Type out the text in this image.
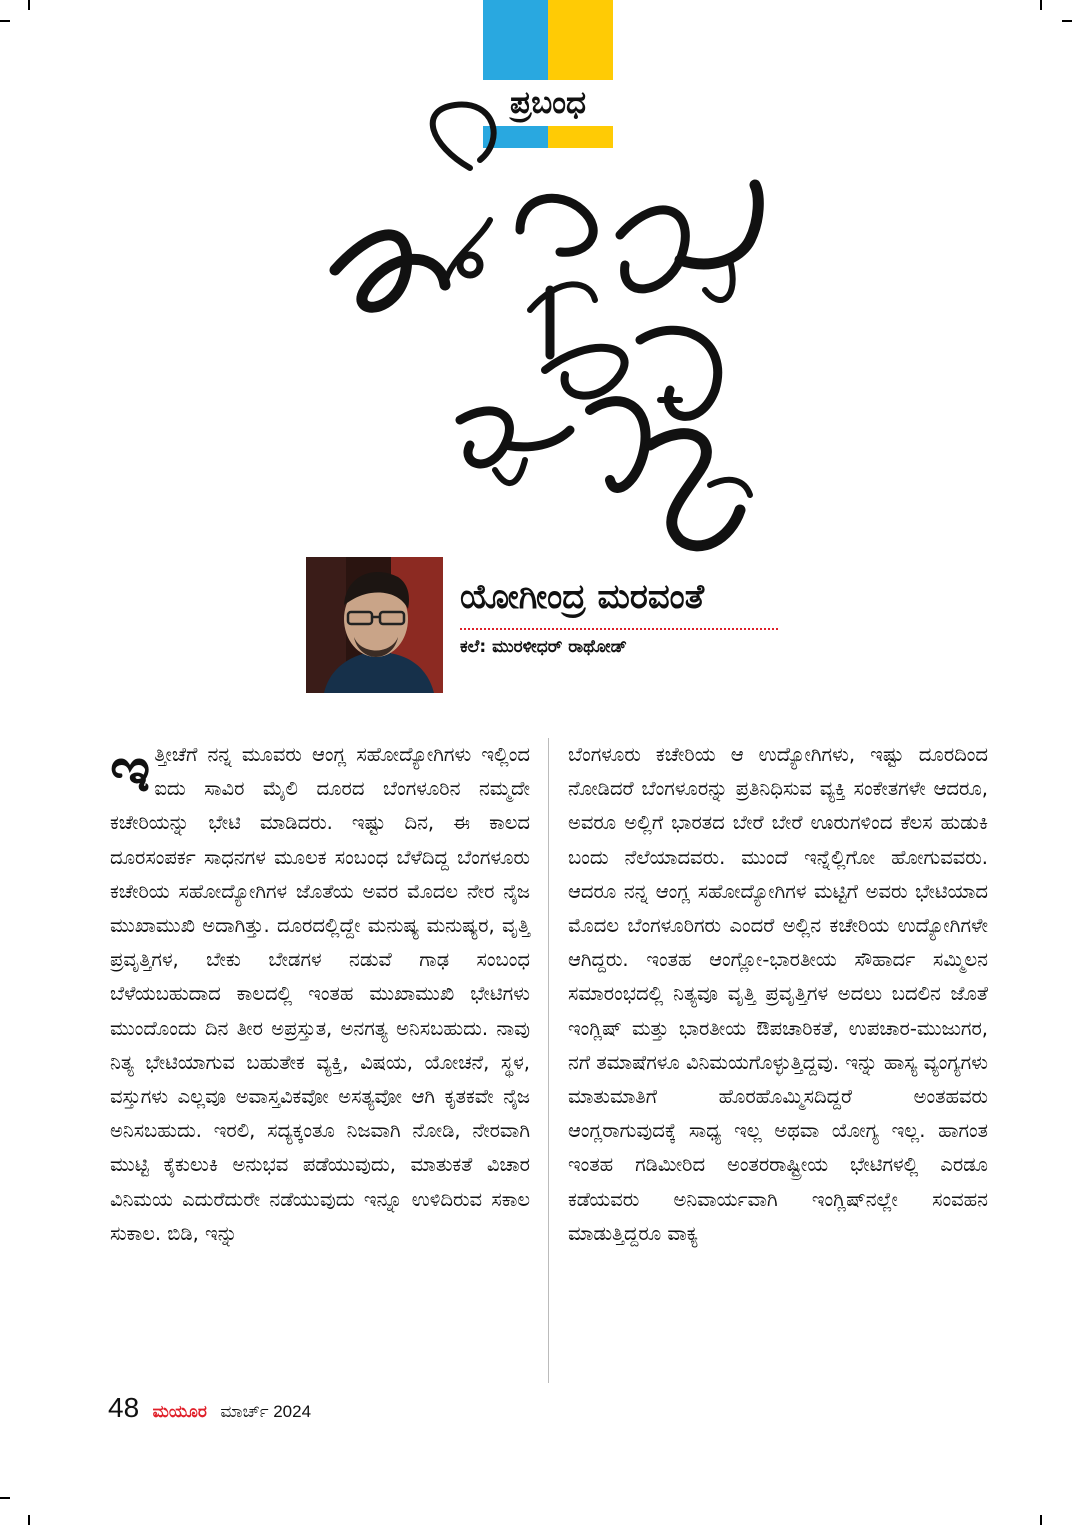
ಪ್ರಬಂಧ
ಯೋಗೀಂದ್ರ ಮರವಂತೆ
ಕಲೆ: ಮುರಳೀಧರ್ ರಾಥೋಡ್
ಇ ತ್ತೀಚೆಗೆ ನನ್ನ ಮೂವರು ಆಂಗ್ಲ ಸಹೋದ್ಯೋಗಿಗಳು ಇಲ್ಲಿಂದ ಐದು ಸಾವಿರ ಮೈಲಿ ದೂರದ ಬೆಂಗಳೂರಿನ ನಮ್ಮದೇ ಕಚೇರಿಯನ್ನು ಭೇಟಿ ಮಾಡಿದರು. ಇಷ್ಟು ದಿನ, ಈ ಕಾಲದ ದೂರಸಂಪರ್ಕ ಸಾಧನಗಳ ಮೂಲಕ ಸಂಬಂಧ ಬೆಳೆದಿದ್ದ ಬೆಂಗಳೂರು ಕಚೇರಿಯ ಸಹೋದ್ಯೋಗಿಗಳ ಜೊತೆಯ ಅವರ ಮೊದಲ ನೇರ ನೈಜ ಮುಖಾಮುಖಿ ಅದಾಗಿತ್ತು. ದೂರದಲ್ಲಿದ್ದೇ ಮನುಷ್ಯ ಮನುಷ್ಯರ, ವೃತ್ತಿ ಪ್ರವೃತ್ತಿಗಳ, ಬೇಕು ಬೇಡಗಳ ನಡುವೆ ಗಾಢ ಸಂಬಂಧ ಬೆಳೆಯಬಹುದಾದ ಕಾಲದಲ್ಲಿ ಇಂತಹ ಮುಖಾಮುಖಿ ಭೇಟಿಗಳು ಮುಂದೊಂದು ದಿನ ತೀರ ಅಪ್ರಸ್ತುತ, ಅನಗತ್ಯ ಅನಿಸಬಹುದು. ನಾವು ನಿತ್ಯ ಭೇಟಿಯಾಗುವ ಬಹುತೇಕ ವ್ಯಕ್ತಿ, ವಿಷಯ, ಯೋಚನೆ, ಸ್ಥಳ, ವಸ್ತುಗಳು ಎಲ್ಲವೂ ಅವಾಸ್ತವಿಕವೋ ಅಸತ್ಯವೋ ಆಗಿ ಕೃತಕವೇ ನೈಜ ಅನಿಸಬಹುದು. ಇರಲಿ, ಸದ್ಯಕ್ಕಂತೂ ನಿಜವಾಗಿ ನೋಡಿ, ನೇರವಾಗಿ ಮುಟ್ಟಿ ಕೈಕುಲುಕಿ ಅನುಭವ ಪಡೆಯುವುದು, ಮಾತುಕತೆ ವಿಚಾರ ವಿನಿಮಯ ಎದುರೆದುರೇ ನಡೆಯುವುದು ಇನ್ನೂ ಉಳಿದಿರುವ ಸಕಾಲ ಸುಕಾಲ. ಬಿಡಿ, ಇನ್ನು
ಬೆಂಗಳೂರು ಕಚೇರಿಯ ಆ ಉದ್ಯೋಗಿಗಳು, ಇಷ್ಟು ದೂರದಿಂದ ನೋಡಿದರೆ ಬೆಂಗಳೂರನ್ನು ಪ್ರತಿನಿಧಿಸುವ ವ್ಯಕ್ತಿ ಸಂಕೇತಗಳೇ ಆದರೂ, ಅವರೂ ಅಲ್ಲಿಗೆ ಭಾರತದ ಬೇರೆ ಬೇರೆ ಊರುಗಳಿಂದ ಕೆಲಸ ಹುಡುಕಿ ಬಂದು ನೆಲೆಯಾದವರು. ಮುಂದೆ ಇನ್ನೆಲ್ಲಿಗೋ ಹೋಗುವವರು. ಆದರೂ ನನ್ನ ಆಂಗ್ಲ ಸಹೋದ್ಯೋಗಿಗಳ ಮಟ್ಟಿಗೆ ಅವರು ಭೇಟಿಯಾದ ಮೊದಲ ಬೆಂಗಳೂರಿಗರು ಎಂದರೆ ಅಲ್ಲಿನ ಕಚೇರಿಯ ಉದ್ಯೋಗಿಗಳೇ ಆಗಿದ್ದರು. ಇಂತಹ ಆಂಗ್ಲೋ-ಭಾರತೀಯ ಸೌಹಾರ್ದ ಸಮ್ಮಿಲನ ಸಮಾರಂಭದಲ್ಲಿ ನಿತ್ಯವೂ ವೃತ್ತಿ ಪ್ರವೃತ್ತಿಗಳ ಅದಲು ಬದಲಿನ ಜೊತೆ ಇಂಗ್ಲಿಷ್ ಮತ್ತು ಭಾರತೀಯ ಔಪಚಾರಿಕತೆ, ಉಪಚಾರ-ಮುಜುಗರ, ನಗೆ ತಮಾಷೆಗಳೂ ವಿನಿಮಯಗೊಳ್ಳುತ್ತಿದ್ದವು. ಇನ್ನು ಹಾಸ್ಯ ವ್ಯಂಗ್ಯಗಳು ಮಾತುಮಾತಿಗೆ ಹೊರಹೊಮ್ಮಿಸದಿದ್ದರೆ ಅಂತಹವರು ಆಂಗ್ಲರಾಗುವುದಕ್ಕೆ ಸಾಧ್ಯ ಇಲ್ಲ ಅಥವಾ ಯೋಗ್ಯ ಇಲ್ಲ. ಹಾಗಂತ ಇಂತಹ ಗಡಿಮೀರಿದ ಅಂತರರಾಷ್ಟ್ರೀಯ ಭೇಟಿಗಳಲ್ಲಿ ಎರಡೂ ಕಡೆಯವರು ಅನಿವಾರ್ಯವಾಗಿ ಇಂಗ್ಲಿಷ್‌ನಲ್ಲೇ ಸಂವಹನ ಮಾಡುತ್ತಿದ್ದರೂ ವಾಕ್ಯ
48 ಮಯೂರ ಮಾರ್ಚ್ 2024
